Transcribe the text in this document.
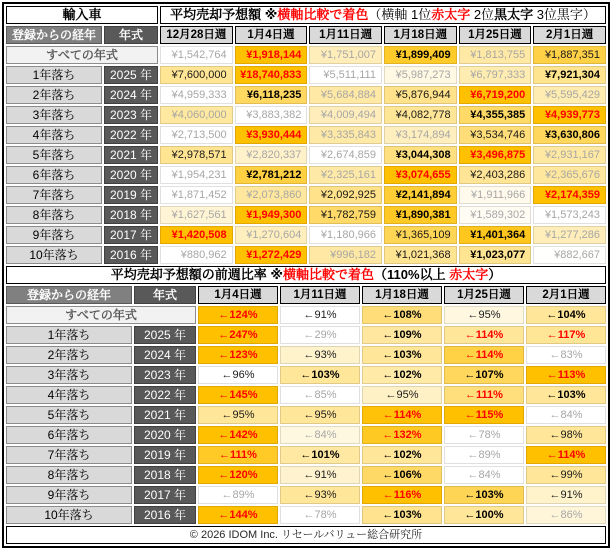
輸入車		平均売却予想額 ※横軸比較で着色（横軸 1位赤太字 2位黒太字 3位黒字）					
登録からの経年	年式	12月28日週	1月4日週	1月11日週	1月18日週	1月25日週	2月1日週
すべての年式		¥1,542,764	¥1,918,144	¥1,751,007	¥1,899,409	¥1,813,755	¥1,887,351
1年落ち	2025 年	¥7,600,000	¥18,740,833	¥5,511,111	¥5,987,273	¥6,797,333	¥7,921,304
2年落ち	2024 年	¥4,959,333	¥6,118,235	¥5,684,884	¥5,876,944	¥6,719,200	¥5,595,429
3年落ち	2023 年	¥4,060,000	¥3,883,382	¥4,009,494	¥4,082,778	¥4,355,385	¥4,939,773
4年落ち	2022 年	¥2,713,500	¥3,930,444	¥3,335,843	¥3,174,894	¥3,534,746	¥3,630,806
5年落ち	2021 年	¥2,978,571	¥2,820,337	¥2,674,859	¥3,044,308	¥3,496,875	¥2,931,167
6年落ち	2020 年	¥1,954,231	¥2,781,212	¥2,325,161	¥3,074,655	¥2,403,286	¥2,365,676
7年落ち	2019 年	¥1,871,452	¥2,073,860	¥2,092,925	¥2,141,894	¥1,911,966	¥2,174,359
8年落ち	2018 年	¥1,627,561	¥1,949,300	¥1,782,759	¥1,890,381	¥1,589,302	¥1,573,243
9年落ち	2017 年	¥1,420,508	¥1,270,604	¥1,180,966	¥1,365,109	¥1,401,364	¥1,277,286
10年落ち	2016 年	¥880,962	¥1,272,429	¥996,182	¥1,021,368	¥1,023,077	¥882,667
平均売却予想額の前週比率 ※横軸比較で着色（110%以上 赤太字）						
登録からの経年	年式	1月4日週	1月11日週	1月18日週	1月25日週	2月1日週
すべての年式		←124%	←91%	←108%	←95%	←104%
1年落ち	2025 年	←247%	←29%	←109%	←114%	←117%
2年落ち	2024 年	←123%	←93%	←103%	←114%	←83%
3年落ち	2023 年	←96%	←103%	←102%	←107%	←113%
4年落ち	2022 年	←145%	←85%	←95%	←111%	←103%
5年落ち	2021 年	←95%	←95%	←114%	←115%	←84%
6年落ち	2020 年	←142%	←84%	←132%	←78%	←98%
7年落ち	2019 年	←111%	←101%	←102%	←89%	←114%
8年落ち	2018 年	←120%	←91%	←106%	←84%	←99%
9年落ち	2017 年	←89%	←93%	←116%	←103%	←91%
10年落ち	2016 年	←144%	←78%	←103%	←100%	←86%
© 2026 IDOM Inc. リセールバリュー総合研究所						
